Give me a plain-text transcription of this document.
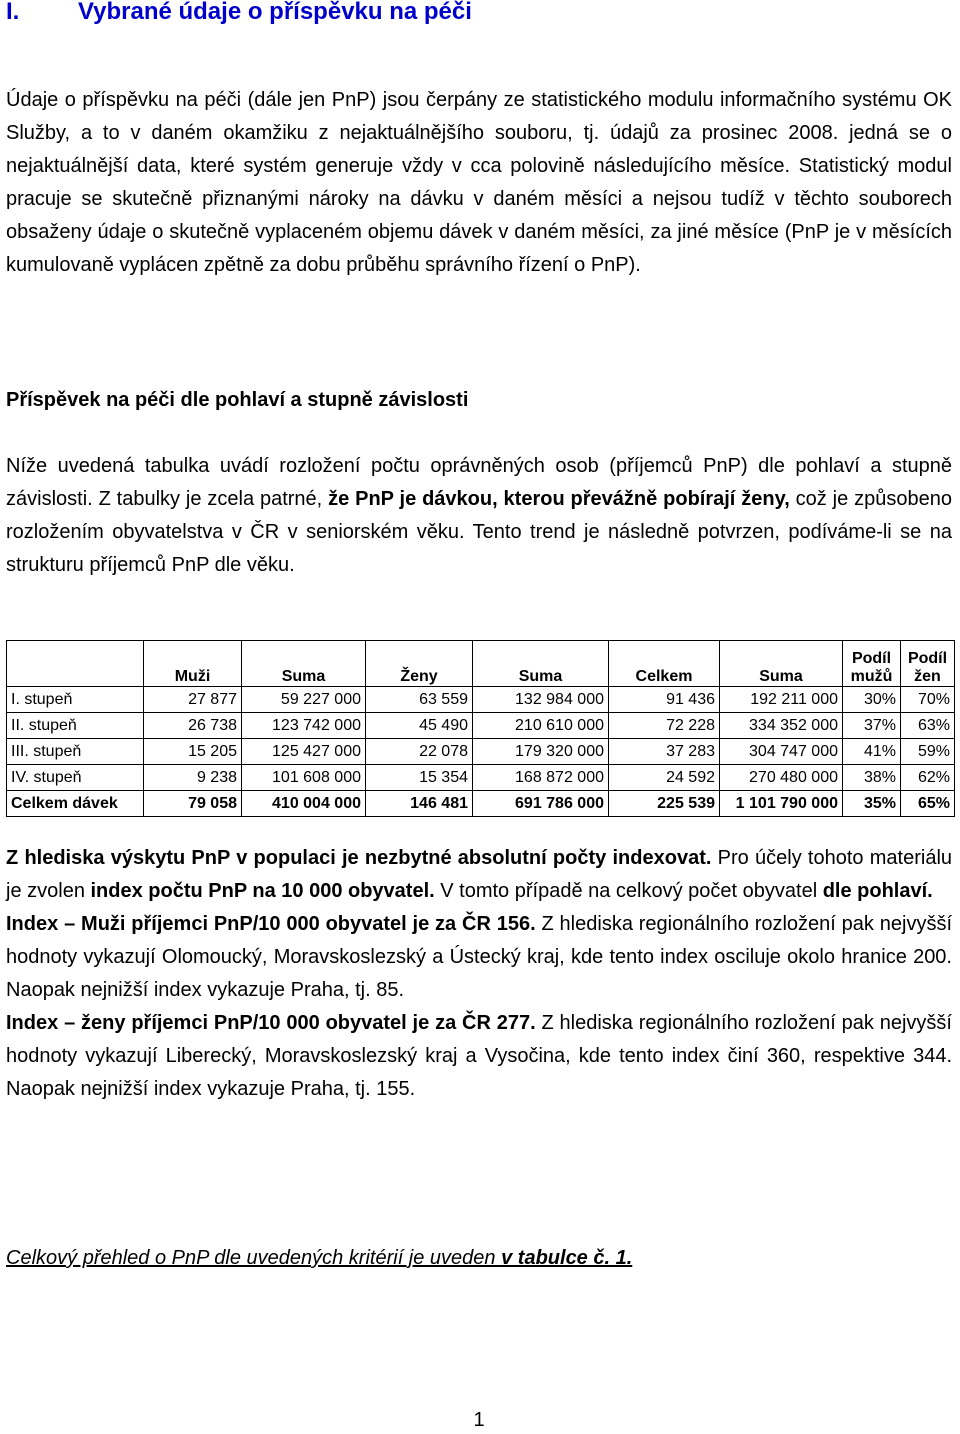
I. Vybrané údaje o příspěvku na péči
Údaje o příspěvku na péči (dále jen PnP) jsou čerpány ze statistického modulu informačního systému OK Služby, a to v daném okamžiku z nejaktuálnějšího souboru, tj. údajů za prosinec 2008. jedná se o nejaktuálnější data, které systém generuje vždy v cca polovině následujícího měsíce. Statistický modul pracuje se skutečně přiznanými nároky na dávku v daném měsíci a nejsou tudíž v těchto souborech obsaženy údaje o skutečně vyplaceném objemu dávek v daném měsíci, za jiné měsíce (PnP je v měsících kumulovaně vyplácen zpětně za dobu průběhu správního řízení o PnP).
Příspěvek na péči dle pohlaví a stupně závislosti
Níže uvedená tabulka uvádí rozložení počtu oprávněných osob (příjemců PnP) dle pohlaví a stupně závislosti. Z tabulky je zcela patrné, že PnP je dávkou, kterou převážně pobírají ženy, což je způsobeno rozložením obyvatelstva v ČR v seniorském věku. Tento trend je následně potvrzen, podíváme-li se na strukturu příjemců PnP dle věku.
	Muži	Suma	Ženy	Suma	Celkem	Suma	Podíl mužů	Podíl žen
I. stupeň	27 877	59 227 000	63 559	132 984 000	91 436	192 211 000	30%	70%
II. stupeň	26 738	123 742 000	45 490	210 610 000	72 228	334 352 000	37%	63%
III. stupeň	15 205	125 427 000	22 078	179 320 000	37 283	304 747 000	41%	59%
IV. stupeň	9 238	101 608 000	15 354	168 872 000	24 592	270 480 000	38%	62%
Celkem dávek	79 058	410 004 000	146 481	691 786 000	225 539	1 101 790 000	35%	65%
Z hlediska výskytu PnP v populaci je nezbytné absolutní počty indexovat. Pro účely tohoto materiálu je zvolen index počtu PnP na 10 000 obyvatel. V tomto případě na celkový počet obyvatel dle pohlaví.
Index – Muži příjemci PnP/10 000 obyvatel je za ČR 156. Z hlediska regionálního rozložení pak nejvyšší hodnoty vykazují Olomoucký, Moravskoslezský a Ústecký kraj, kde tento index osciluje okolo hranice 200. Naopak nejnižší index vykazuje Praha, tj. 85.
Index – ženy příjemci PnP/10 000 obyvatel je za ČR 277. Z hlediska regionálního rozložení pak nejvyšší hodnoty vykazují Liberecký, Moravskoslezský kraj a Vysočina, kde tento index činí 360, respektive 344. Naopak nejnižší index vykazuje Praha, tj. 155.
Celkový přehled o PnP dle uvedených kritérií je uveden v tabulce č. 1.
1
